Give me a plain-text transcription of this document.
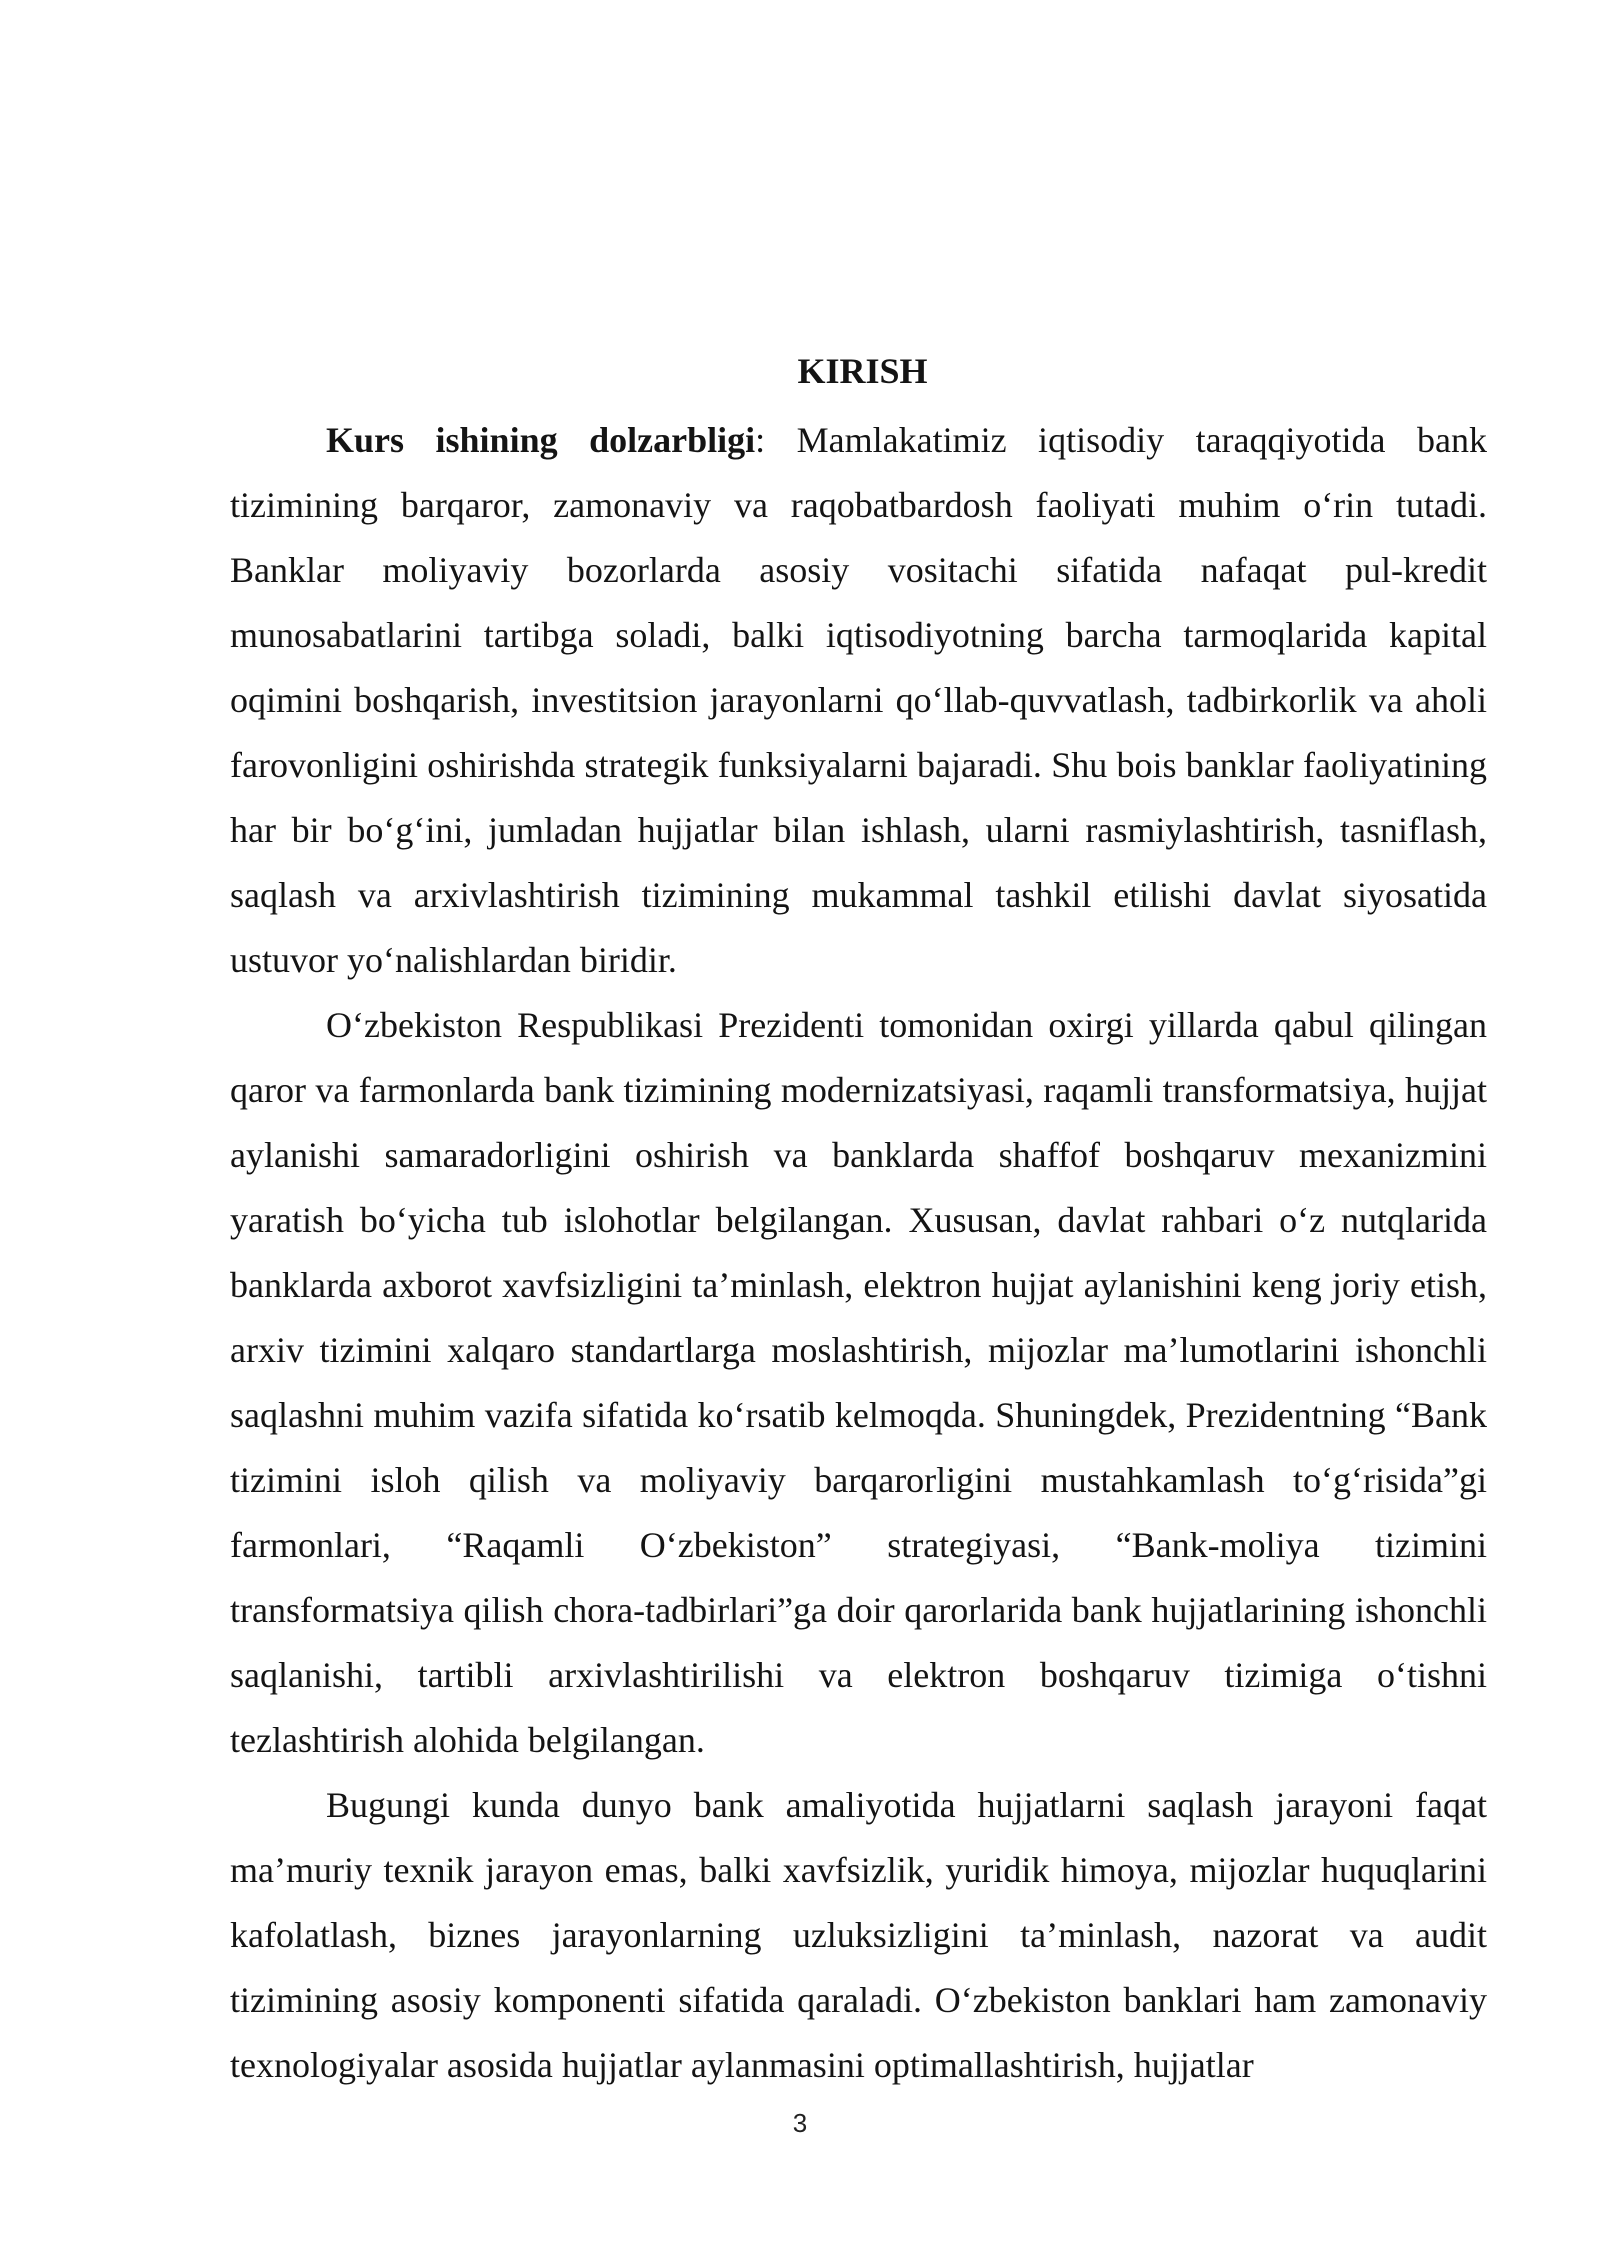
KIRISH

Kurs ishining dolzarbligi: Mamlakatimiz iqtisodiy taraqqiyotida bank tizimining barqaror, zamonaviy va raqobatbardosh faoliyati muhim o‘rin tutadi. Banklar moliyaviy bozorlarda asosiy vositachi sifatida nafaqat pul-kredit munosabatlarini tartibga soladi, balki iqtisodiyotning barcha tarmoqlarida kapital oqimini boshqarish, investitsion jarayonlarni qo‘llab-quvvatlash, tadbirkorlik va aholi farovonligini oshirishda strategik funksiyalarni bajaradi. Shu bois banklar faoliyatining har bir bo‘g‘ini, jumladan hujjatlar bilan ishlash, ularni rasmiylashtirish, tasniflash, saqlash va arxivlashtirish tizimining mukammal tashkil etilishi davlat siyosatida ustuvor yo‘nalishlardan biridir.

O‘zbekiston Respublikasi Prezidenti tomonidan oxirgi yillarda qabul qilingan qaror va farmonlarda bank tizimining modernizatsiyasi, raqamli transformatsiya, hujjat aylanishi samaradorligini oshirish va banklarda shaffof boshqaruv mexanizmini yaratish bo‘yicha tub islohotlar belgilangan. Xususan, davlat rahbari o‘z nutqlarida banklarda axborot xavfsizligini ta’minlash, elektron hujjat aylanishini keng joriy etish, arxiv tizimini xalqaro standartlarga moslashtirish, mijozlar ma’lumotlarini ishonchli saqlashni muhim vazifa sifatida ko‘rsatib kelmoqda. Shuningdek, Prezidentning “Bank tizimini isloh qilish va moliyaviy barqarorligini mustahkamlash to‘g‘risida”gi farmonlari, “Raqamli O‘zbekiston” strategiyasi, “Bank-moliya tizimini transformatsiya qilish chora-tadbirlari”ga doir qarorlarida bank hujjatlarining ishonchli saqlanishi, tartibli arxivlashtirilishi va elektron boshqaruv tizimiga o‘tishni tezlashtirish alohida belgilangan.

Bugungi kunda dunyo bank amaliyotida hujjatlarni saqlash jarayoni faqat ma’muriy texnik jarayon emas, balki xavfsizlik, yuridik himoya, mijozlar huquqlarini kafolatlash, biznes jarayonlarning uzluksizligini ta’minlash, nazorat va audit tizimining asosiy komponenti sifatida qaraladi. O‘zbekiston banklari ham zamonaviy texnologiyalar asosida hujjatlar aylanmasini optimallashtirish, hujjatlar

3
